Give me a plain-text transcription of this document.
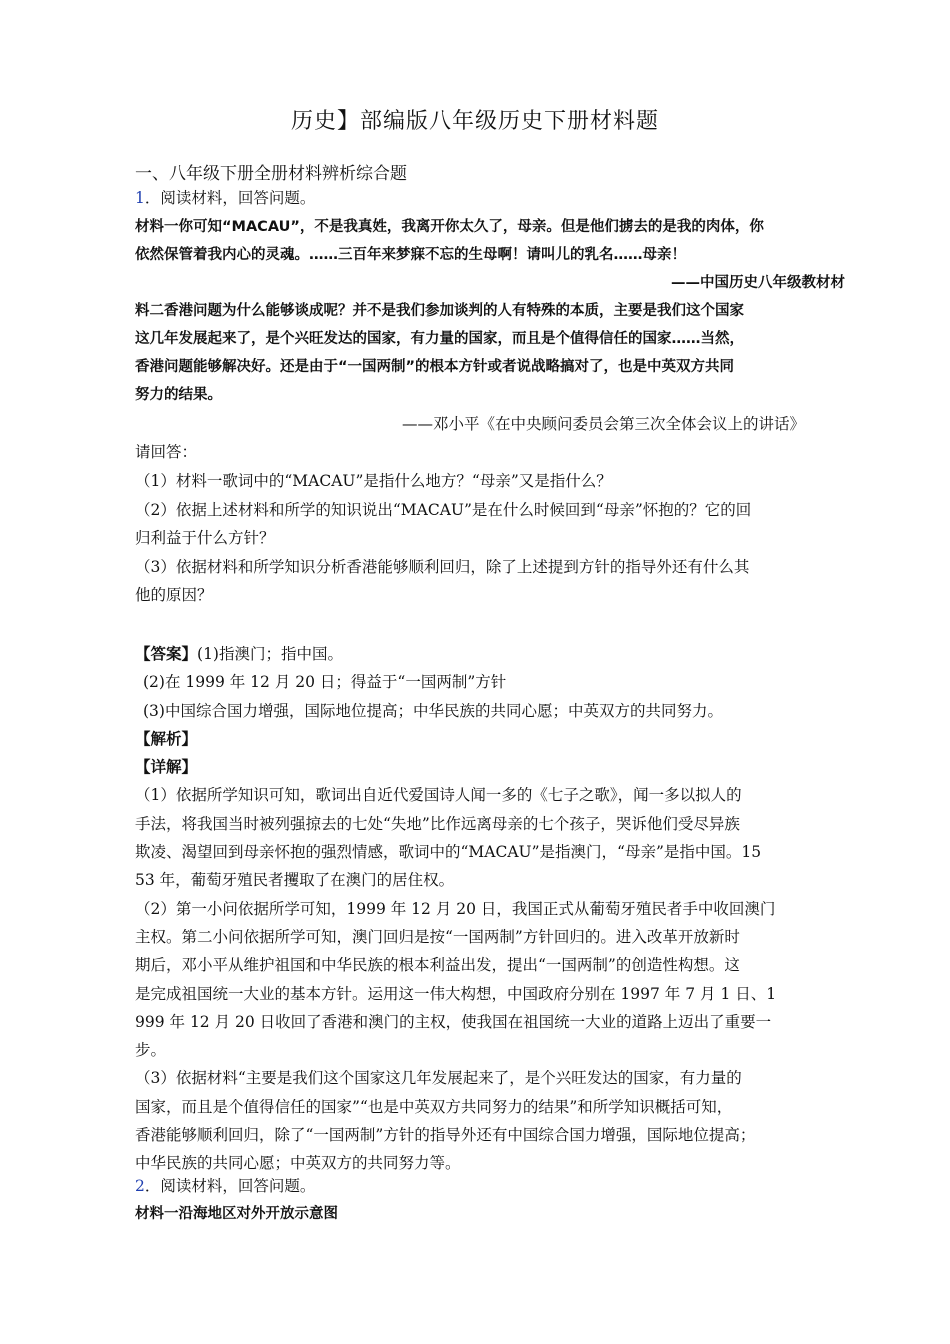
历史】部编版八年级历史下册材料题
一、八年级下册全册材料辨析综合题
1．阅读材料，回答问题。
材料一你可知“MACAU”，不是我真姓，我离开你太久了，母亲。但是他们掳去的是我的肉体，你
依然保管着我内心的灵魂。……三百年来梦寐不忘的生母啊！请叫儿的乳名……母亲！
——中国历史八年级教材材
料二香港问题为什么能够谈成呢？并不是我们参加谈判的人有特殊的本质，主要是我们这个国家
这几年发展起来了，是个兴旺发达的国家，有力量的国家，而且是个值得信任的国家……当然，
香港问题能够解决好。还是由于“一国两制”的根本方针或者说战略搞对了，也是中英双方共同
努力的结果。
——邓小平《在中央顾问委员会第三次全体会议上的讲话》
请回答：
（1）材料一歌词中的“MACAU”是指什么地方？“母亲”又是指什么？
（2）依据上述材料和所学的知识说出“MACAU”是在什么时候回到“母亲”怀抱的？它的回
归利益于什么方针？
（3）依据材料和所学知识分析香港能够顺利回归，除了上述提到方针的指导外还有什么其
他的原因？
【答案】(1)指澳门；指中国。
(2)在 1999 年 12 月 20 日；得益于“一国两制”方针
(3)中国综合国力增强，国际地位提高；中华民族的共同心愿；中英双方的共同努力。
【解析】
【详解】
（1）依据所学知识可知，歌词出自近代爱国诗人闻一多的《七子之歌》，闻一多以拟人的
手法，将我国当时被列强掠去的七处“失地”比作远离母亲的七个孩子，哭诉他们受尽异族
欺凌、渴望回到母亲怀抱的强烈情感，歌词中的“MACAU”是指澳门，“母亲”是指中国。15
53 年，葡萄牙殖民者攫取了在澳门的居住权。
（2）第一小问依据所学可知，1999 年 12 月 20 日，我国正式从葡萄牙殖民者手中收回澳门
主权。第二小问依据所学可知，澳门回归是按“一国两制”方针回归的。进入改革开放新时
期后，邓小平从维护祖国和中华民族的根本利益出发，提出“一国两制”的创造性构想。这
是完成祖国统一大业的基本方针。运用这一伟大构想，中国政府分别在 1997 年 7 月 1 日、1
999 年 12 月 20 日收回了香港和澳门的主权，使我国在祖国统一大业的道路上迈出了重要一
步。
（3）依据材料“主要是我们这个国家这几年发展起来了，是个兴旺发达的国家，有力量的
国家，而且是个值得信任的国家”“也是中英双方共同努力的结果”和所学知识概括可知，
香港能够顺利回归，除了“一国两制”方针的指导外还有中国综合国力增强，国际地位提高；
中华民族的共同心愿；中英双方的共同努力等。
2．阅读材料，回答问题。
材料一沿海地区对外开放示意图
